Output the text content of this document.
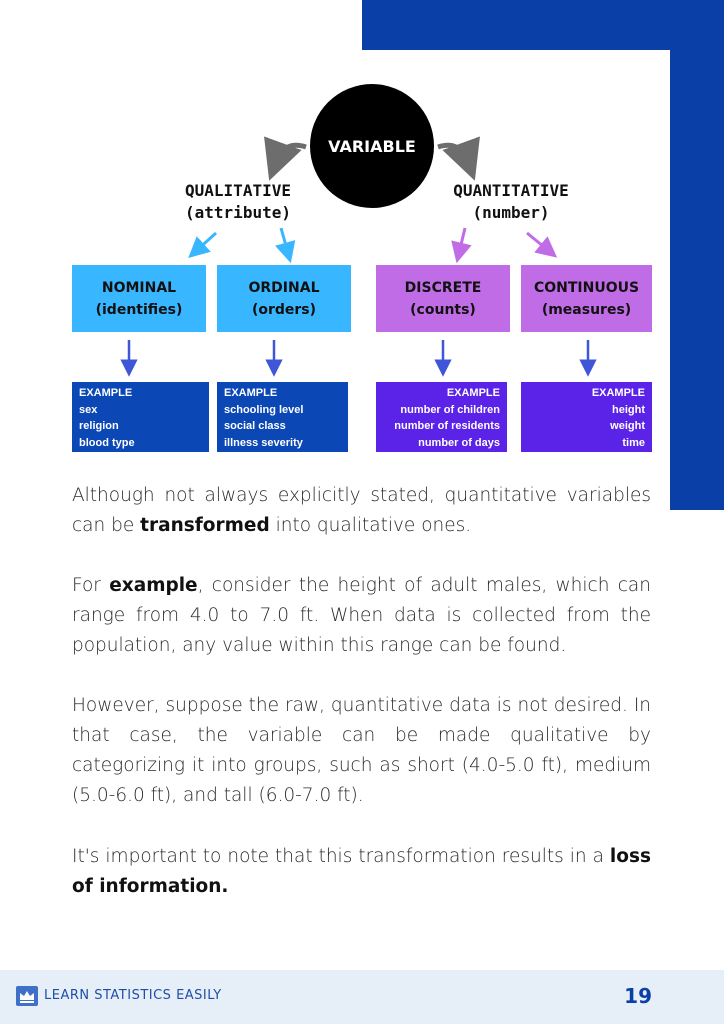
VARIABLE
QUALITATIVE
(attribute)
QUANTITATIVE
(number)
NOMINAL
(identifies)
ORDINAL
(orders)
DISCRETE
(counts)
CONTINUOUS
(measures)
EXAMPLE
sex
religion
blood type
EXAMPLE
schooling level
social class
illness severity
EXAMPLE
number of children
number of residents
number of days
EXAMPLE
height
weight
time

Although not always explicitly stated, quantitative variables can be transformed into qualitative ones.

For example, consider the height of adult males, which can range from 4.0 to 7.0 ft. When data is collected from the population, any value within this range can be found.

However, suppose the raw, quantitative data is not desired. In that case, the variable can be made qualitative by categorizing it into groups, such as short (4.0-5.0 ft), medium (5.0-6.0 ft), and tall (6.0-7.0 ft).

It's important to note that this transformation results in a loss of information.

LEARN STATISTICS EASILY	19
